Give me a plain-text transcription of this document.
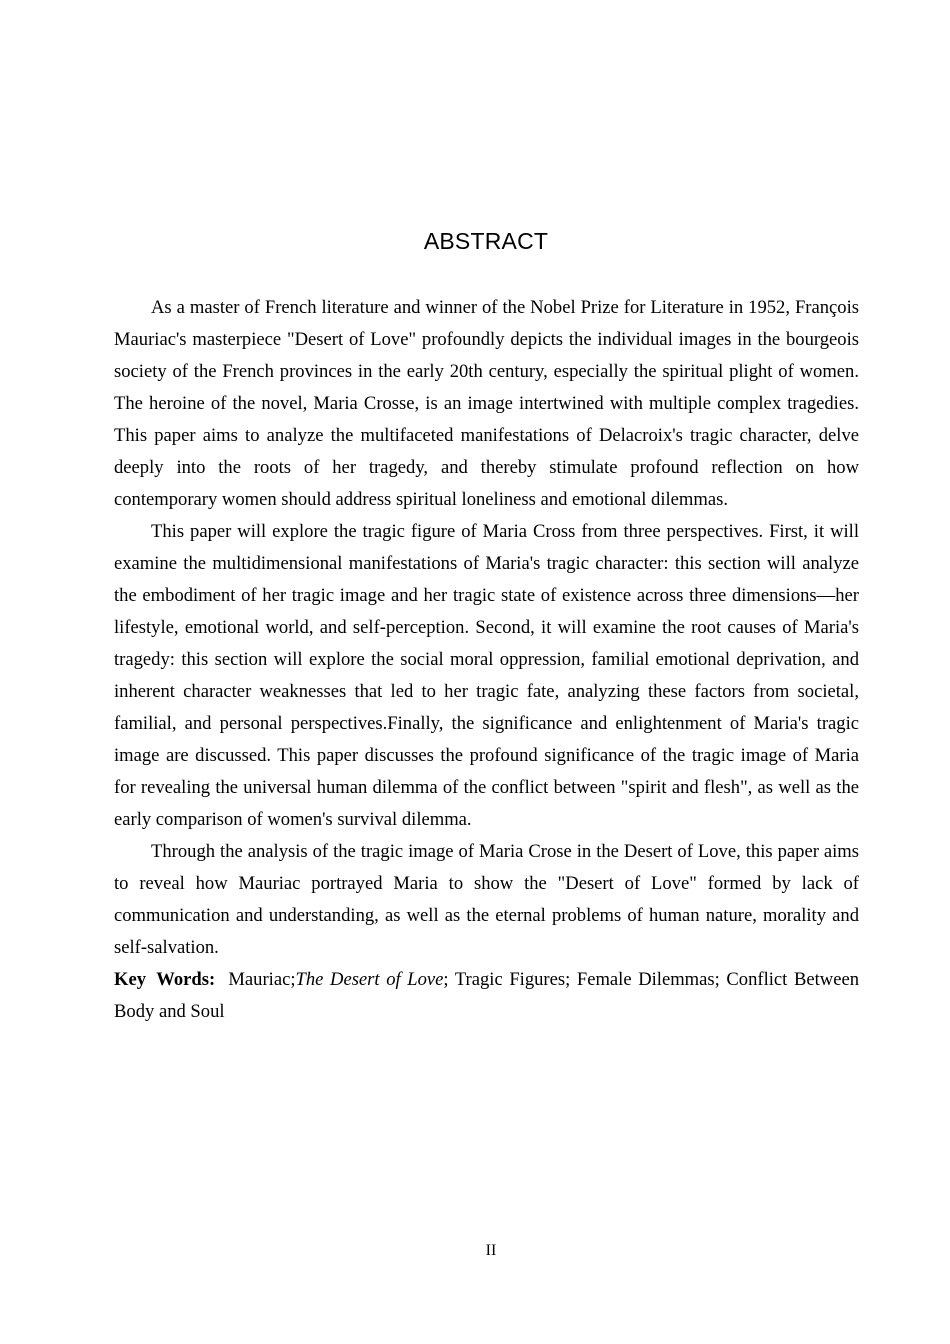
ABSTRACT

As a master of French literature and winner of the Nobel Prize for Literature in 1952, François Mauriac's masterpiece "Desert of Love" profoundly depicts the individual images in the bourgeois society of the French provinces in the early 20th century, especially the spiritual plight of women. The heroine of the novel, Maria Crosse, is an image intertwined with multiple complex tragedies. This paper aims to analyze the multifaceted manifestations of Delacroix's tragic character, delve deeply into the roots of her tragedy, and thereby stimulate profound reflection on how contemporary women should address spiritual loneliness and emotional dilemmas.

This paper will explore the tragic figure of Maria Cross from three perspectives. First, it will examine the multidimensional manifestations of Maria's tragic character: this section will analyze the embodiment of her tragic image and her tragic state of existence across three dimensions—her lifestyle, emotional world, and self-perception. Second, it will examine the root causes of Maria's tragedy: this section will explore the social moral oppression, familial emotional deprivation, and inherent character weaknesses that led to her tragic fate, analyzing these factors from societal, familial, and personal perspectives.Finally, the significance and enlightenment of Maria's tragic image are discussed. This paper discusses the profound significance of the tragic image of Maria for revealing the universal human dilemma of the conflict between "spirit and flesh", as well as the early comparison of women's survival dilemma.

Through the analysis of the tragic image of Maria Crose in the Desert of Love, this paper aims to reveal how Mauriac portrayed Maria to show the "Desert of Love" formed by lack of communication and understanding, as well as the eternal problems of human nature, morality and self-salvation.

Key Words: Mauriac;The Desert of Love; Tragic Figures; Female Dilemmas; Conflict Between Body and Soul

II
